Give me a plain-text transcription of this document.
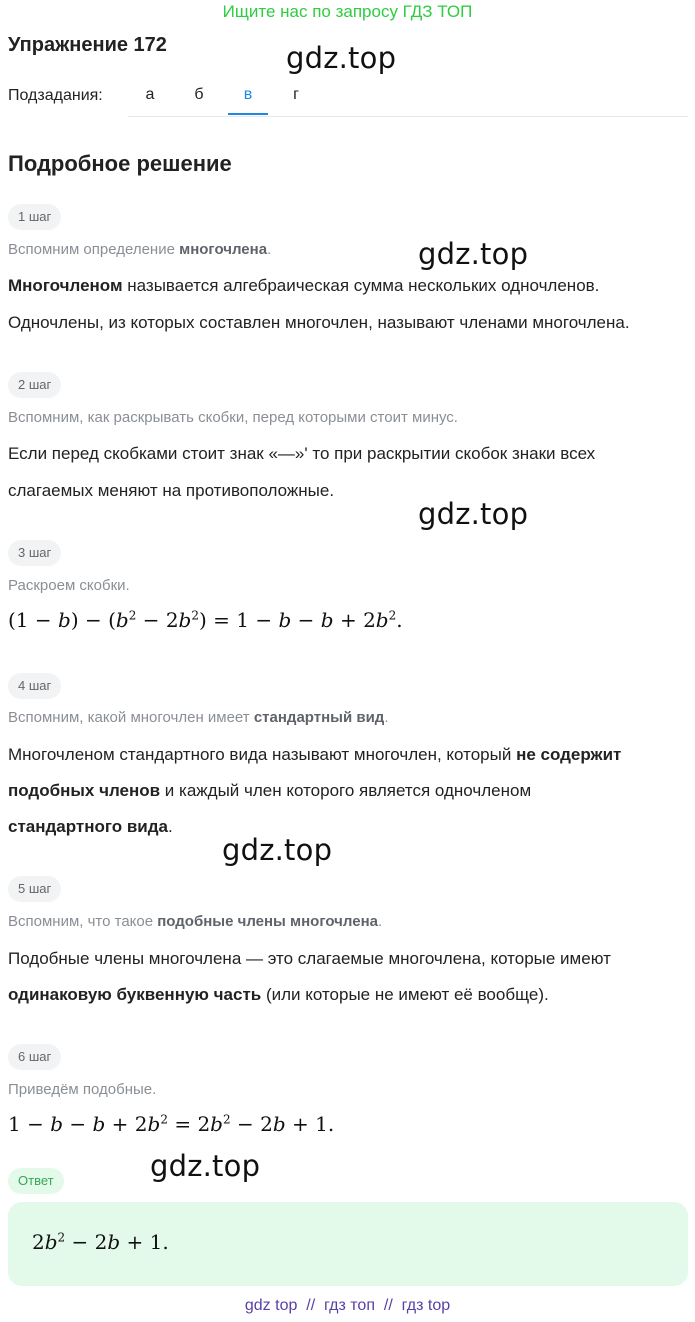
Ищите нас по запросу ГДЗ ТОП
Упражнение 172	gdz.top
gdz.top
gdz.top
gdz.top
gdz.top
Подзадания:	а	б	в	г
Подробное решение
1 шаг
Вспомним определение многочлена.
Многочленом называется алгебраическая сумма нескольких одночленов.
Одночлены, из которых составлен многочлен, называют членами многочлена.
2 шаг
Вспомним, как раскрывать скобки, перед которыми стоит минус.
Если перед скобками стоит знак «—»' то при раскрытии скобок знаки всех
слагаемых меняют на противоположные.
3 шаг
Раскроем скобки.
$(1 - b) - (b^2 - 2b^2) = 1 - b - b + 2b^2$.
4 шаг
Вспомним, какой многочлен имеет стандартный вид.
Многочленом стандартного вида называют многочлен, который не содержит
подобных членов и каждый член которого является одночленом
стандартного вида.
5 шаг
Вспомним, что такое подобные члены многочлена.
Подобные члены многочлена — это слагаемые многочлена, которые имеют
одинаковую буквенную часть (или которые не имеют её вообще).
6 шаг
Приведём подобные.
$1 - b - b + 2b^2 = 2b^2 - 2b + 1$.
Ответ
$2b^2 - 2b + 1$.
gdz top  //  гдз топ  //  гдз top
